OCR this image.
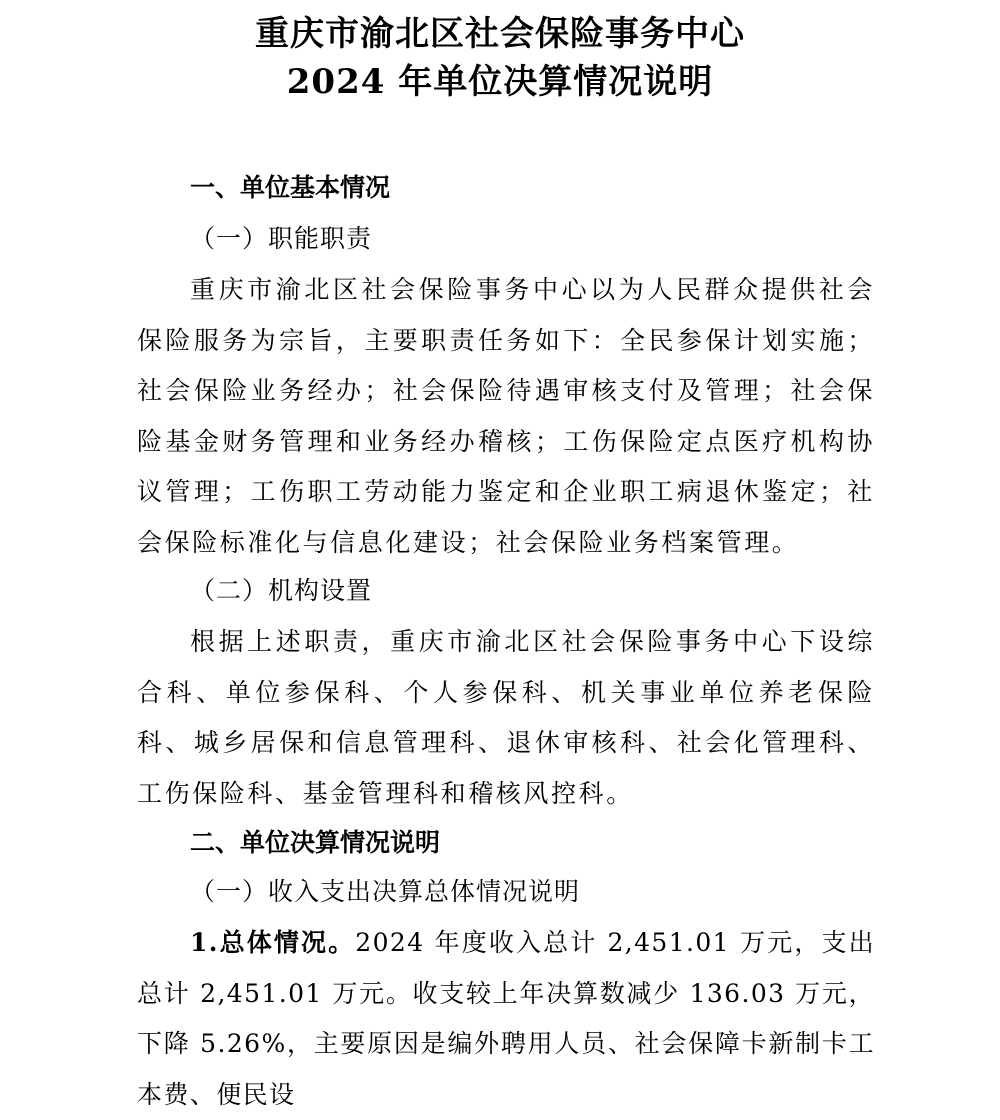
重庆市渝北区社会保险事务中心
2024 年单位决算情况说明
一、单位基本情况
（一）职能职责

重庆市渝北区社会保险事务中心以为人民群众提供社会保险服务为宗旨，主要职责任务如下：全民参保计划实施；社会保险业务经办；社会保险待遇审核支付及管理；社会保险基金财务管理和业务经办稽核；工伤保险定点医疗机构协议管理；工伤职工劳动能力鉴定和企业职工病退休鉴定；社会保险标准化与信息化建设；社会保险业务档案管理。

（二）机构设置

根据上述职责，重庆市渝北区社会保险事务中心下设综合科、单位参保科、个人参保科、机关事业单位养老保险科、城乡居保和信息管理科、退休审核科、社会化管理科、工伤保险科、基金管理科和稽核风控科。

二、单位决算情况说明
（一）收入支出决算总体情况说明

1.总体情况。2024 年度收入总计 2,451.01 万元，支出总计 2,451.01 万元。收支较上年决算数减少 136.03 万元，下降 5.26%，主要原因是编外聘用人员、社会保障卡新制卡工本费、便民设
